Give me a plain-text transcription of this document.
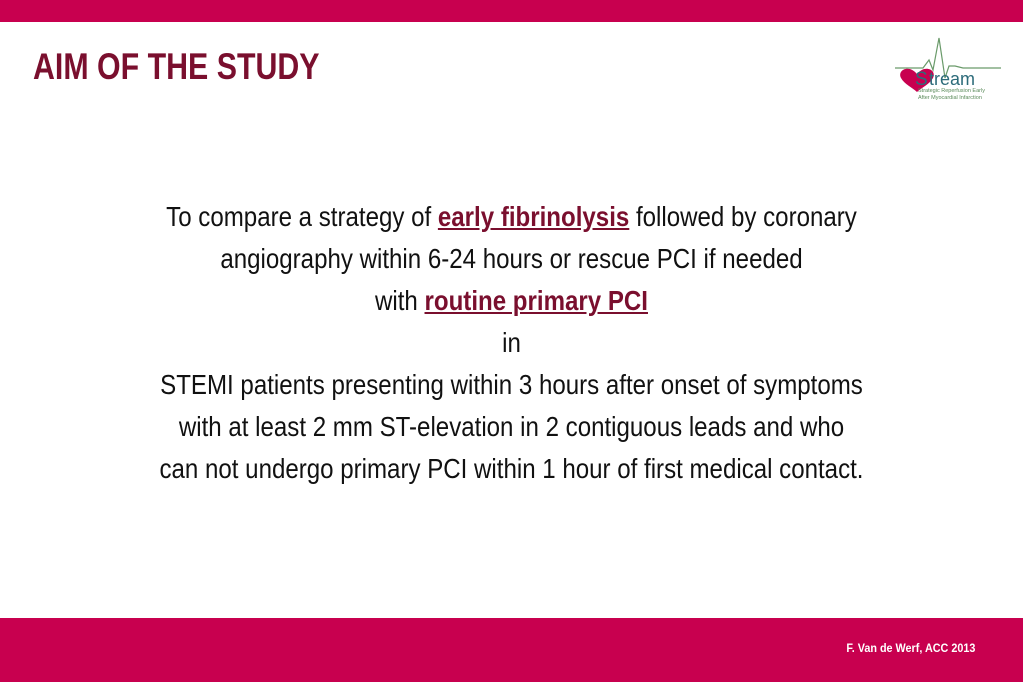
AIM OF THE STUDY	S tream
Strategic Reperfusion Early
After Myocardial Infarction
To compare a strategy of early fibrinolysis followed by coronary
angiography within 6-24 hours or rescue PCI if needed
with routine primary PCI
in
STEMI patients presenting within 3 hours after onset of symptoms
with at least 2 mm ST-elevation in 2 contiguous leads and who
can not undergo primary PCI within 1 hour of first medical contact.
F. Van de Werf, ACC 2013
